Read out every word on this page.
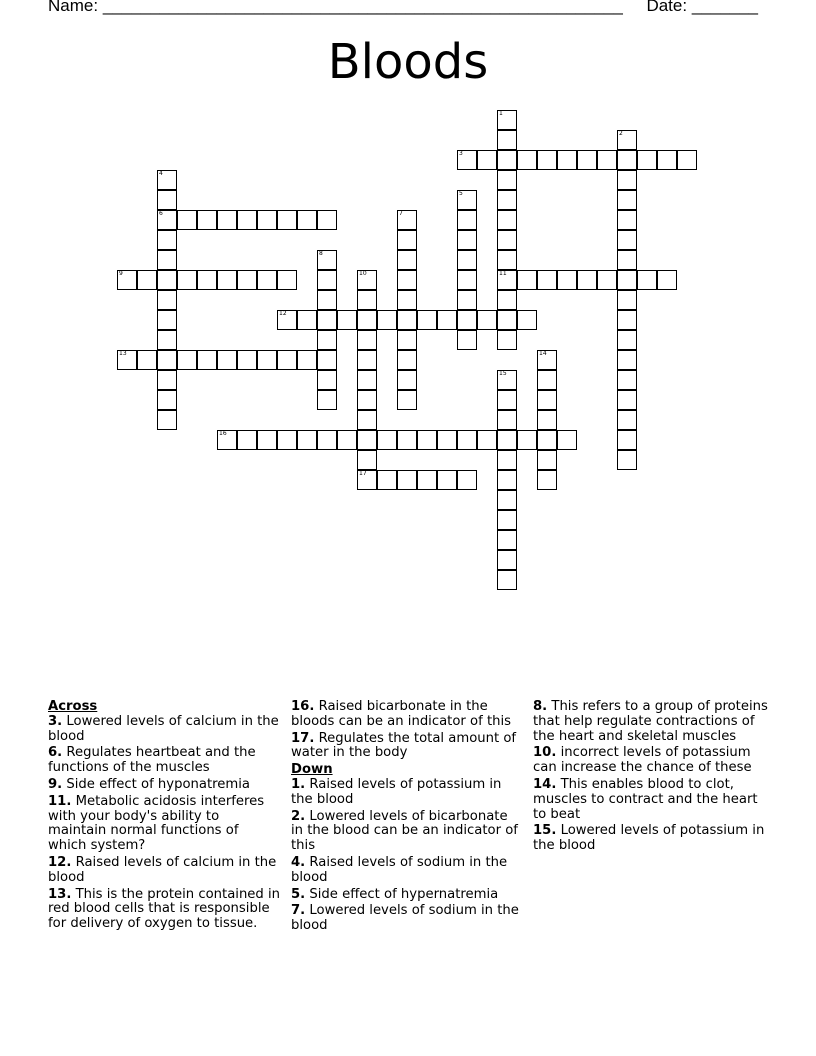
Name: _______________________________________________________ Date: _______
Bloods
1
11
2
3
4
6
5
7
8
9	10
12
13	14
15
16
17

Across

3. Lowered levels of calcium in the blood

6. Regulates heartbeat and the functions of the muscles

9. Side effect of hyponatremia

11. Metabolic acidosis interferes with your body's ability to maintain normal functions of which system?

12. Raised levels of calcium in the blood

13. This is the protein contained in red blood cells that is responsible for delivery of oxygen to tissue.

16. Raised bicarbonate in the bloods can be an indicator of this

17. Regulates the total amount of water in the body

Down

1. Raised levels of potassium in the blood

2. Lowered levels of bicarbonate in the blood can be an indicator of this

4. Raised levels of sodium in the blood

5. Side effect of hypernatremia

7. Lowered levels of sodium in the blood

8. This refers to a group of proteins that help regulate contractions of the heart and skeletal muscles

10. incorrect levels of potassium can increase the chance of these

14. This enables blood to clot, muscles to contract and the heart to beat

15. Lowered levels of potassium in the blood
